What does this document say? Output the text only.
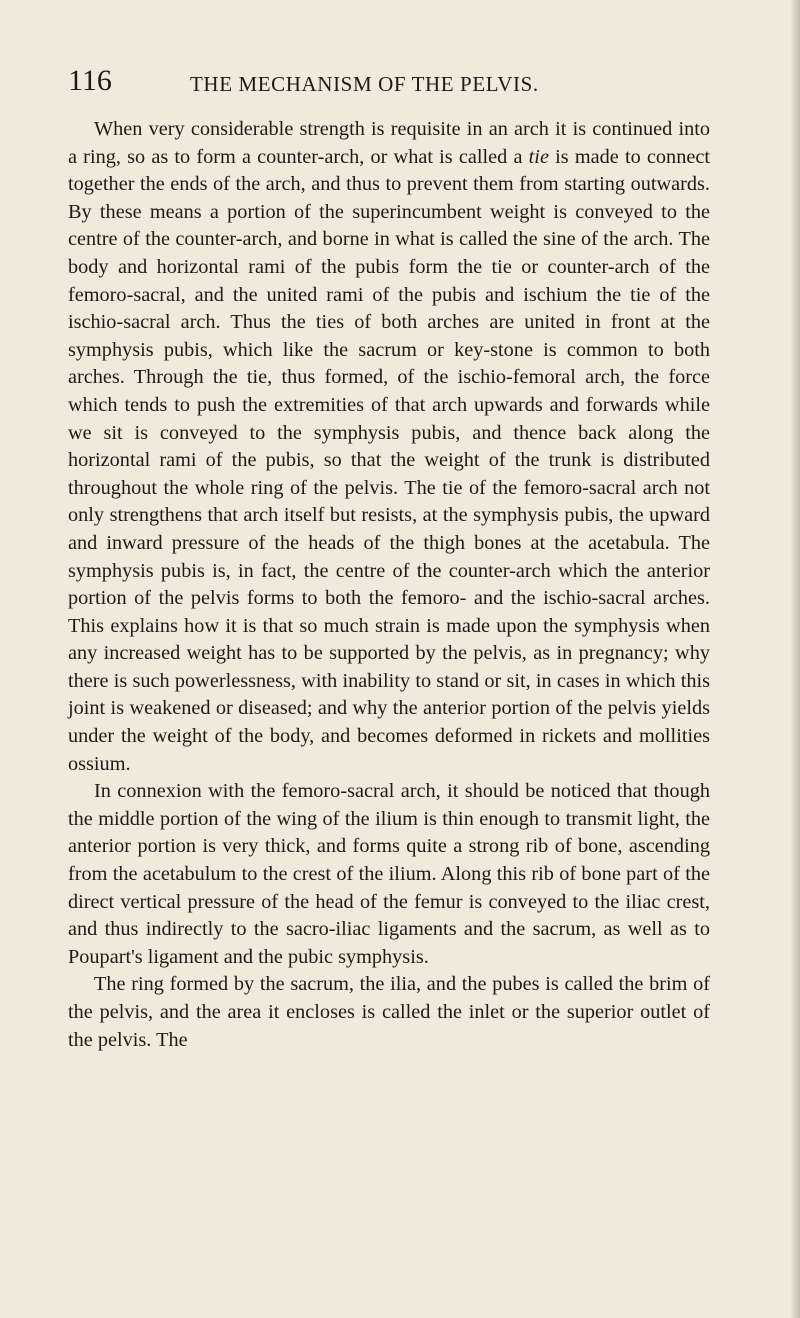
116	THE MECHANISM OF THE PELVIS.

When very considerable strength is requisite in an arch it is continued into a ring, so as to form a counter-arch, or what is called a tie is made to connect together the ends of the arch, and thus to prevent them from starting outwards. By these means a portion of the superincumbent weight is conveyed to the centre of the counter-arch, and borne in what is called the sine of the arch. The body and horizontal rami of the pubis form the tie or counter-arch of the femoro-sacral, and the united rami of the pubis and ischium the tie of the ischio-sacral arch. Thus the ties of both arches are united in front at the symphysis pubis, which like the sacrum or key-stone is common to both arches. Through the tie, thus formed, of the ischio-femoral arch, the force which tends to push the extremities of that arch upwards and forwards while we sit is conveyed to the symphysis pubis, and thence back along the horizontal rami of the pubis, so that the weight of the trunk is distributed throughout the whole ring of the pelvis. The tie of the femoro-sacral arch not only strengthens that arch itself but resists, at the symphysis pubis, the upward and inward pressure of the heads of the thigh bones at the acetabula. The symphysis pubis is, in fact, the centre of the counter-arch which the anterior portion of the pelvis forms to both the femoro- and the ischio-sacral arches. This explains how it is that so much strain is made upon the symphysis when any increased weight has to be supported by the pelvis, as in pregnancy; why there is such powerlessness, with inability to stand or sit, in cases in which this joint is weakened or diseased; and why the anterior portion of the pelvis yields under the weight of the body, and becomes deformed in rickets and mollities ossium.

In connexion with the femoro-sacral arch, it should be noticed that though the middle portion of the wing of the ilium is thin enough to transmit light, the anterior portion is very thick, and forms quite a strong rib of bone, ascending from the acetabulum to the crest of the ilium. Along this rib of bone part of the direct vertical pressure of the head of the femur is conveyed to the iliac crest, and thus indirectly to the sacro-iliac ligaments and the sacrum, as well as to Poupart's ligament and the pubic symphysis.

The ring formed by the sacrum, the ilia, and the pubes is called the brim of the pelvis, and the area it encloses is called the inlet or the superior outlet of the pelvis. The
